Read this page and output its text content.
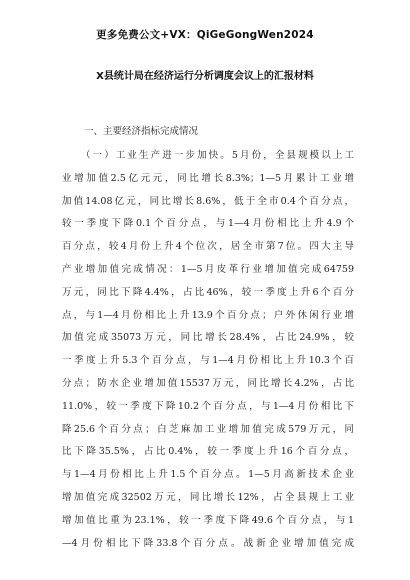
更多免费公文+VX：QiGeGongWen2024
X县统计局在经济运行分析调度会议上的汇报材料
一、主要经济指标完成情况
（一）工业生产进一步加快。5月份，全县规模以上工
业增加值2.5亿元元，同比增长8.3%；1—5月累计工业增
加值14.08亿元，同比增长8.6%，低于全市0.4个百分点，
较一季度下降0.1个百分点，与1—4月份相比上升4.9个
百分点，较4月份上升4个位次，居全市第7位。四大主导
产业增加值完成情况：1—5月皮革行业增加值完成64759
万元，同比下降4.4%，占比46%，较一季度上升6个百分
点，与1—4月份相比上升13.9个百分点；户外休闲行业增
加值完成35073万元，同比增长28.4%，占比24.9%，较
一季度上升5.3个百分点，与1—4月份相比上升10.3个百
分点；防水企业增加值15537万元，同比增长4.2%，占比
11.0%，较一季度下降10.2个百分点，与1—4月份相比下
降25.6个百分点；白芝麻加工业增加值完成579万元，同
比下降35.5%，占比0.4%，较一季度上升16个百分点，
与1—4月份相比上升1.5个百分点。1—5月高新技术企业
增加值完成32502万元，同比增长12%，占全县规上工业
增加值比重为23.1%，较一季度下降49.6个百分点，与1
—4月份相比下降33.8个百分点。战新企业增加值完成
